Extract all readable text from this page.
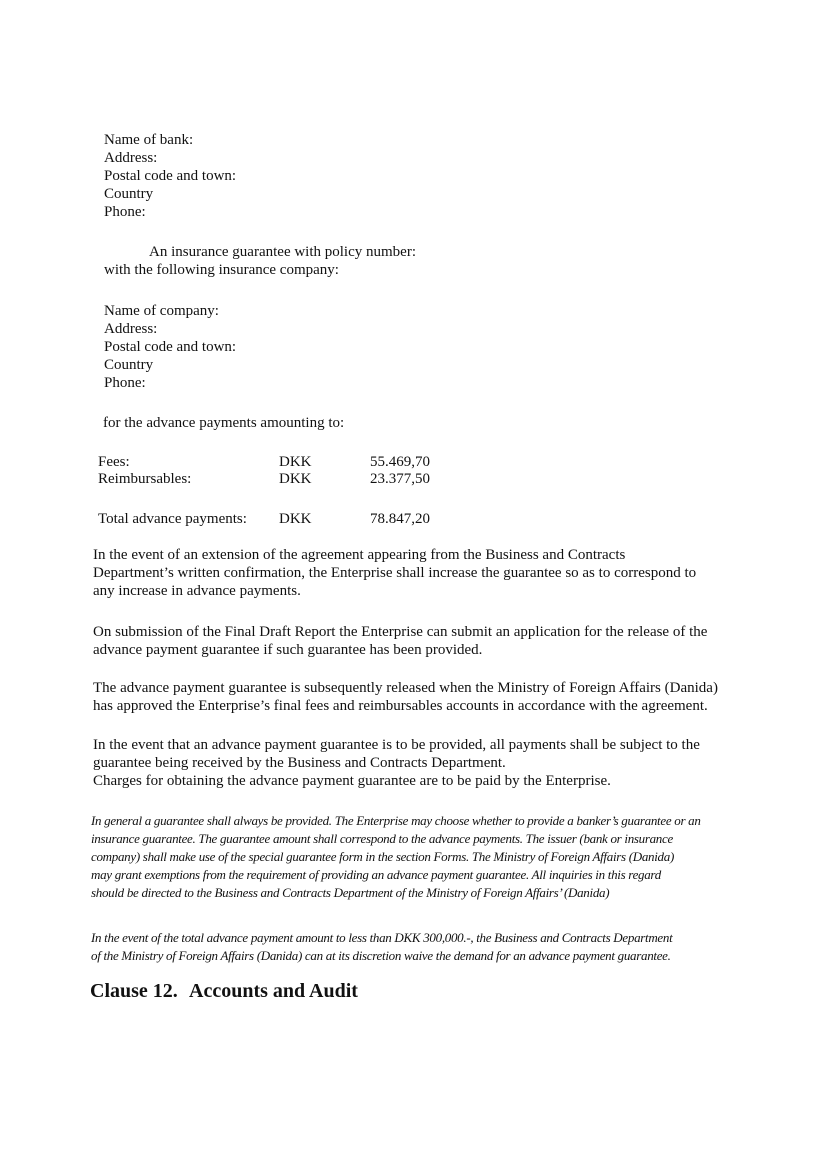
Name of bank:
Address:
Postal code and town:
Country
Phone:
An insurance guarantee with policy number:
with the following insurance company:
Name of company:
Address:
Postal code and town:
Country
Phone:
for the advance payments amounting to:
Fees:	DKK	55.469,70
Reimbursables:	DKK	23.377,50
Total advance payments: DKK	78.847,20
In the event of an extension of the agreement appearing from the Business and Contracts
Department’s written confirmation, the Enterprise shall increase the guarantee so as to correspond to
any increase in advance payments.
On submission of the Final Draft Report the Enterprise can submit an application for the release of the
advance payment guarantee if such guarantee has been provided.
The advance payment guarantee is subsequently released when the Ministry of Foreign Affairs (Danida)
has approved the Enterprise’s final fees and reimbursables accounts in accordance with the agreement.
In the event that an advance payment guarantee is to be provided, all payments shall be subject to the
guarantee being received by the Business and Contracts Department.
Charges for obtaining the advance payment guarantee are to be paid by the Enterprise.
In general a guarantee shall always be provided. The Enterprise may choose whether to provide a banker’s guarantee or an
insurance guarantee. The guarantee amount shall correspond to the advance payments. The issuer (bank or insurance
company) shall make use of the special guarantee form in the section Forms. The Ministry of Foreign Affairs (Danida)
may grant exemptions from the requirement of providing an advance payment guarantee. All inquiries in this regard
should be directed to the Business and Contracts Department of the Ministry of Foreign Affairs’ (Danida)
In the event of the total advance payment amount to less than DKK 300,000.-, the Business and Contracts Department
of the Ministry of Foreign Affairs (Danida) can at its discretion waive the demand for an advance payment guarantee.
Clause 12. Accounts and Audit
